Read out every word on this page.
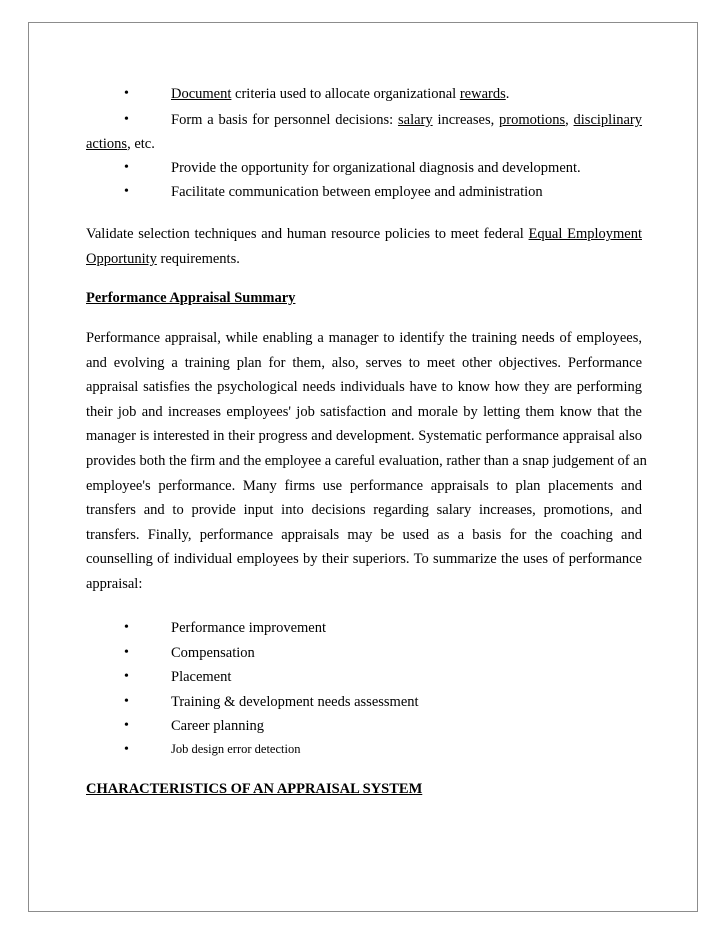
•	Document criteria used to allocate organizational rewards.
•	Form a basis for personnel decisions: salary increases, promotions, disciplinary
actions, etc.
•	Provide the opportunity for organizational diagnosis and development.
•	Facilitate communication between employee and administration
Validate selection techniques and human resource policies to meet federal Equal Employment
Opportunity requirements.
Performance Appraisal Summary
Performance appraisal, while enabling a manager to identify the training needs of employees,
and evolving a training plan for them, also, serves to meet other objectives. Performance
appraisal satisfies the psychological needs individuals have to know how they are performing
their job and increases employees' job satisfaction and morale by letting them know that the
manager is interested in their progress and development. Systematic performance appraisal also
provides both the firm and the employee a careful evaluation, rather than a snap judgement of an
employee's performance. Many firms use performance appraisals to plan placements and
transfers and to provide input into decisions regarding salary increases, promotions, and
transfers. Finally, performance appraisals may be used as a basis for the coaching and
counselling of individual employees by their superiors. To summarize the uses of performance
appraisal:
•	Performance improvement
•	Compensation
•	Placement
•	Training & development needs assessment
•	Career planning
•	Job design error detection
CHARACTERISTICS OF AN APPRAISAL SYSTEM
